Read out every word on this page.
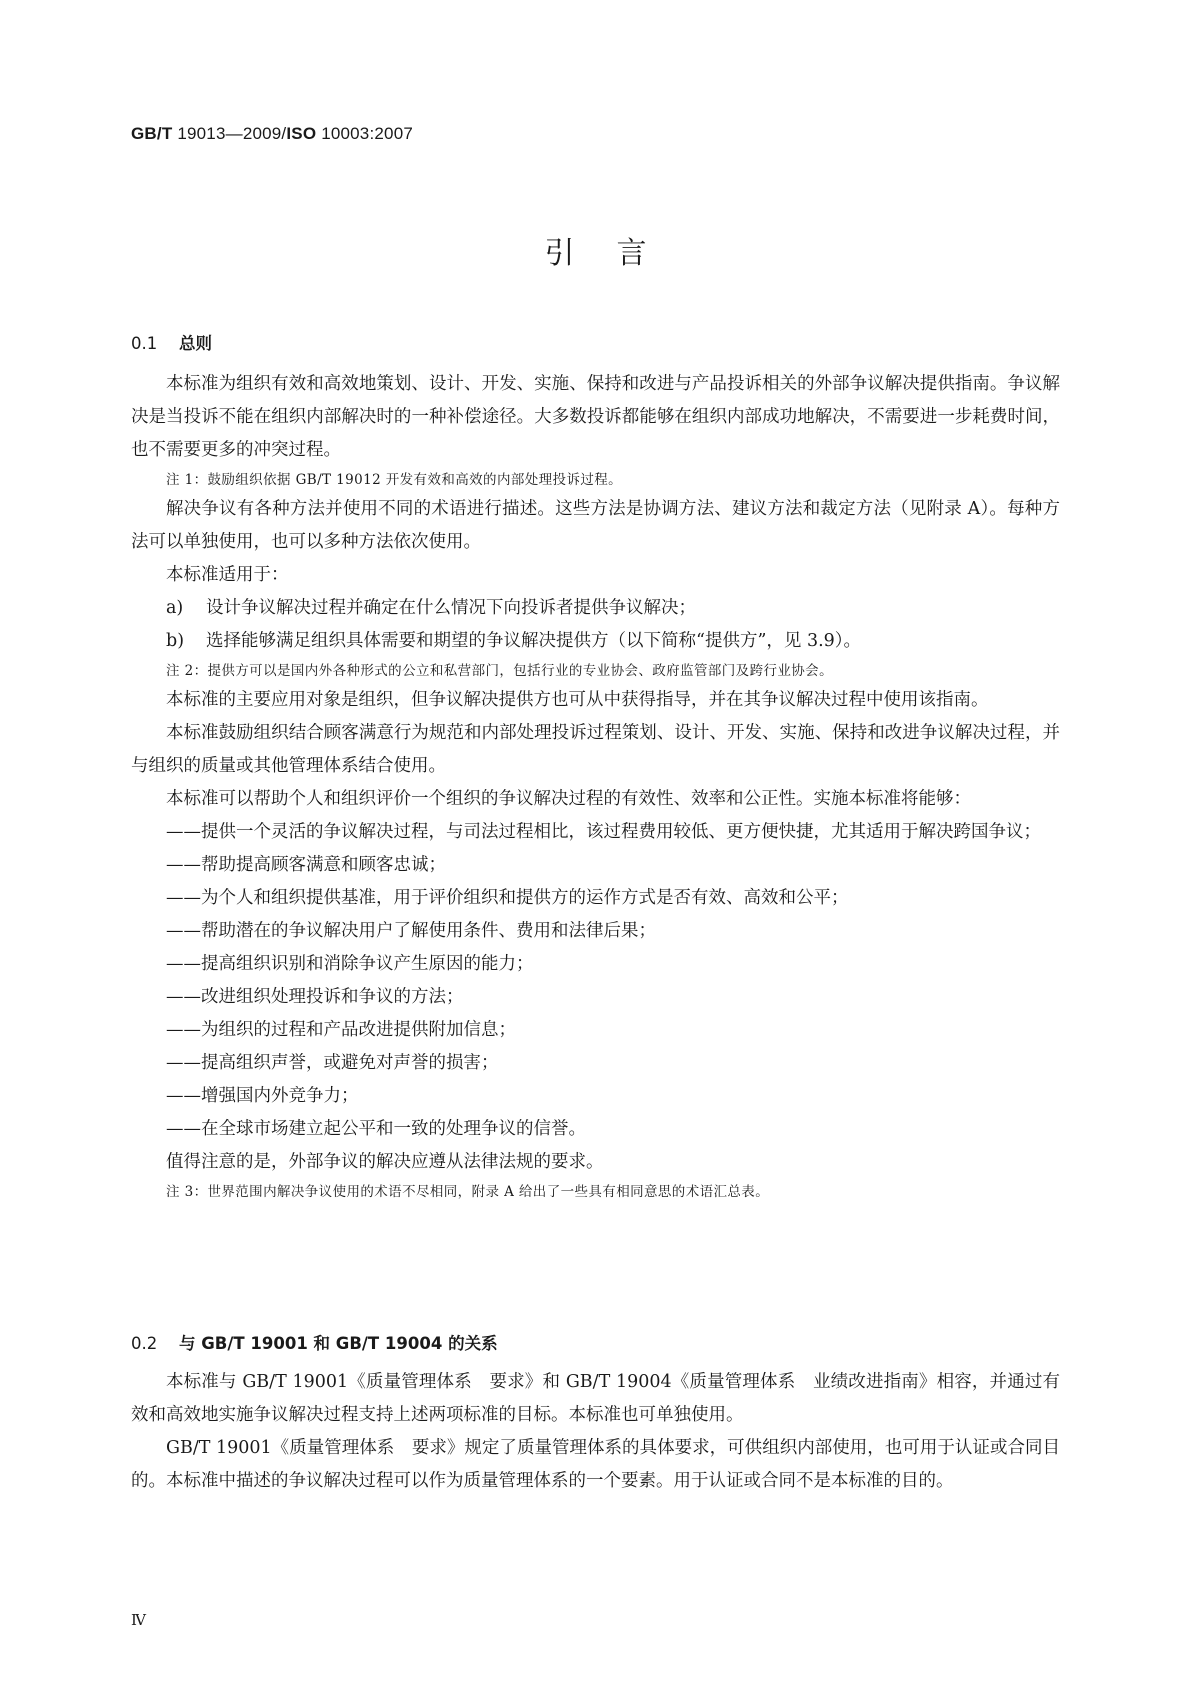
GB/T 19013—2009/ISO 10003:2007
引言
0.1 总则

本标准为组织有效和高效地策划、设计、开发、实施、保持和改进与产品投诉相关的外部争议解决提供指南。争议解决是当投诉不能在组织内部解决时的一种补偿途径。大多数投诉都能够在组织内部成功地解决，不需要进一步耗费时间，也不需要更多的冲突过程。

注 1：鼓励组织依据 GB/T 19012 开发有效和高效的内部处理投诉过程。

解决争议有各种方法并使用不同的术语进行描述。这些方法是协调方法、建议方法和裁定方法（见附录 A）。每种方法可以单独使用，也可以多种方法依次使用。

本标准适用于：

a) 设计争议解决过程并确定在什么情况下向投诉者提供争议解决；

b) 选择能够满足组织具体需要和期望的争议解决提供方（以下简称“提供方”，见 3.9）。

注 2：提供方可以是国内外各种形式的公立和私营部门，包括行业的专业协会、政府监管部门及跨行业协会。

本标准的主要应用对象是组织，但争议解决提供方也可从中获得指导，并在其争议解决过程中使用该指南。

本标准鼓励组织结合顾客满意行为规范和内部处理投诉过程策划、设计、开发、实施、保持和改进争议解决过程，并与组织的质量或其他管理体系结合使用。

本标准可以帮助个人和组织评价一个组织的争议解决过程的有效性、效率和公正性。实施本标准将能够：

——提供一个灵活的争议解决过程，与司法过程相比，该过程费用较低、更方便快捷，尤其适用于解决跨国争议；

——帮助提高顾客满意和顾客忠诚；

——为个人和组织提供基准，用于评价组织和提供方的运作方式是否有效、高效和公平；

——帮助潜在的争议解决用户了解使用条件、费用和法律后果；

——提高组织识别和消除争议产生原因的能力；

——改进组织处理投诉和争议的方法；

——为组织的过程和产品改进提供附加信息；

——提高组织声誉，或避免对声誉的损害；

——增强国内外竞争力；

——在全球市场建立起公平和一致的处理争议的信誉。

值得注意的是，外部争议的解决应遵从法律法规的要求。

注 3：世界范围内解决争议使用的术语不尽相同，附录 A 给出了一些具有相同意思的术语汇总表。

0.2 与 GB/T 19001 和 GB/T 19004 的关系

本标准与 GB/T 19001《质量管理体系　要求》和 GB/T 19004《质量管理体系　业绩改进指南》相容，并通过有效和高效地实施争议解决过程支持上述两项标准的目标。本标准也可单独使用。

GB/T 19001《质量管理体系　要求》规定了质量管理体系的具体要求，可供组织内部使用，也可用于认证或合同目的。本标准中描述的争议解决过程可以作为质量管理体系的一个要素。用于认证或合同不是本标准的目的。

Ⅳ
